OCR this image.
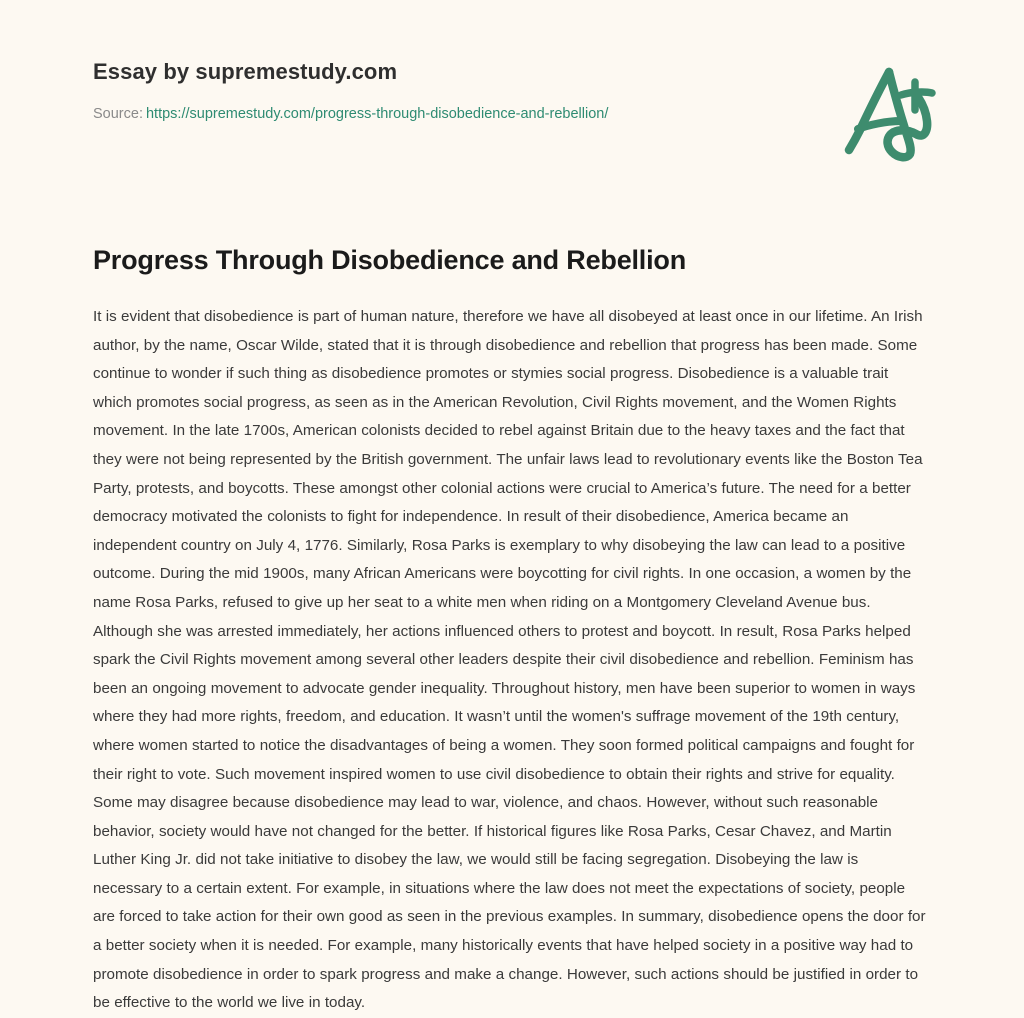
Essay by supremestudy.com
Source: https://supremestudy.com/progress-through-disobedience-and-rebellion/
Progress Through Disobedience and Rebellion

It is evident that disobedience is part of human nature, therefore we have all disobeyed at least once in our lifetime. An Irish author, by the name, Oscar Wilde, stated that it is through disobedience and rebellion that progress has been made. Some continue to wonder if such thing as disobedience promotes or stymies social progress. Disobedience is a valuable trait which promotes social progress, as seen as in the American Revolution, Civil Rights movement, and the Women Rights movement. In the late 1700s, American colonists decided to rebel against Britain due to the heavy taxes and the fact that they were not being represented by the British government. The unfair laws lead to revolutionary events like the Boston Tea Party, protests, and boycotts. These amongst other colonial actions were crucial to America’s future. The need for a better democracy motivated the colonists to fight for independence. In result of their disobedience, America became an independent country on July 4, 1776. Similarly, Rosa Parks is exemplary to why disobeying the law can lead to a positive outcome. During the mid 1900s, many African Americans were boycotting for civil rights. In one occasion, a women by the name Rosa Parks, refused to give up her seat to a white men when riding on a Montgomery Cleveland Avenue bus. Although she was arrested immediately, her actions influenced others to protest and boycott. In result, Rosa Parks helped spark the Civil Rights movement among several other leaders despite their civil disobedience and rebellion. Feminism has been an ongoing movement to advocate gender inequality. Throughout history, men have been superior to women in ways where they had more rights, freedom, and education. It wasn’t until the women's suffrage movement of the 19th century, where women started to notice the disadvantages of being a women. They soon formed political campaigns and fought for their right to vote. Such movement inspired women to use civil disobedience to obtain their rights and strive for equality. Some may disagree because disobedience may lead to war, violence, and chaos. However, without such reasonable behavior, society would have not changed for the better. If historical figures like Rosa Parks, Cesar Chavez, and Martin Luther King Jr. did not take initiative to disobey the law, we would still be facing segregation. Disobeying the law is necessary to a certain extent. For example, in situations where the law does not meet the expectations of society, people are forced to take action for their own good as seen in the previous examples. In summary, disobedience opens the door for a better society when it is needed. For example, many historically events that have helped society in a positive way had to promote disobedience in order to spark progress and make a change. However, such actions should be justified in order to be effective to the world we live in today.
